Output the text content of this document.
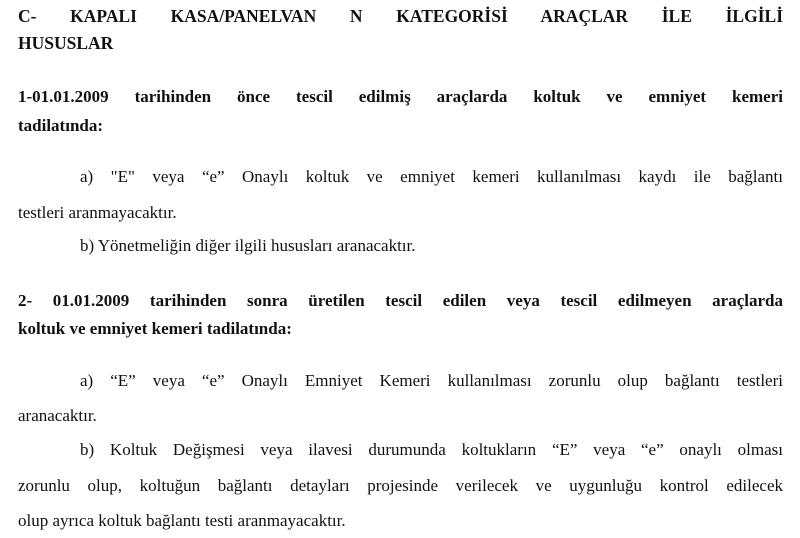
C- KAPALI KASA/PANELVAN N KATEGORİSİ ARAÇLAR İLE İLGİLİ
HUSUSLAR
1-01.01.2009 tarihinden önce tescil edilmiş araçlarda koltuk ve emniyet kemeri
tadilatında:
a) "E" veya “e” Onaylı koltuk ve emniyet kemeri kullanılması kaydı ile bağlantı
testleri aranmayacaktır.
b) Yönetmeliğin diğer ilgili hususları aranacaktır.
2- 01.01.2009 tarihinden sonra üretilen tescil edilen veya tescil edilmeyen araçlarda
koltuk ve emniyet kemeri tadilatında:
a) “E” veya “e” Onaylı Emniyet Kemeri kullanılması zorunlu olup bağlantı testleri
aranacaktır.
b) Koltuk Değişmesi veya ilavesi durumunda koltukların “E” veya “e” onaylı olması
zorunlu olup, koltuğun bağlantı detayları projesinde verilecek ve uygunluğu kontrol edilecek
olup ayrıca koltuk bağlantı testi aranmayacaktır.
